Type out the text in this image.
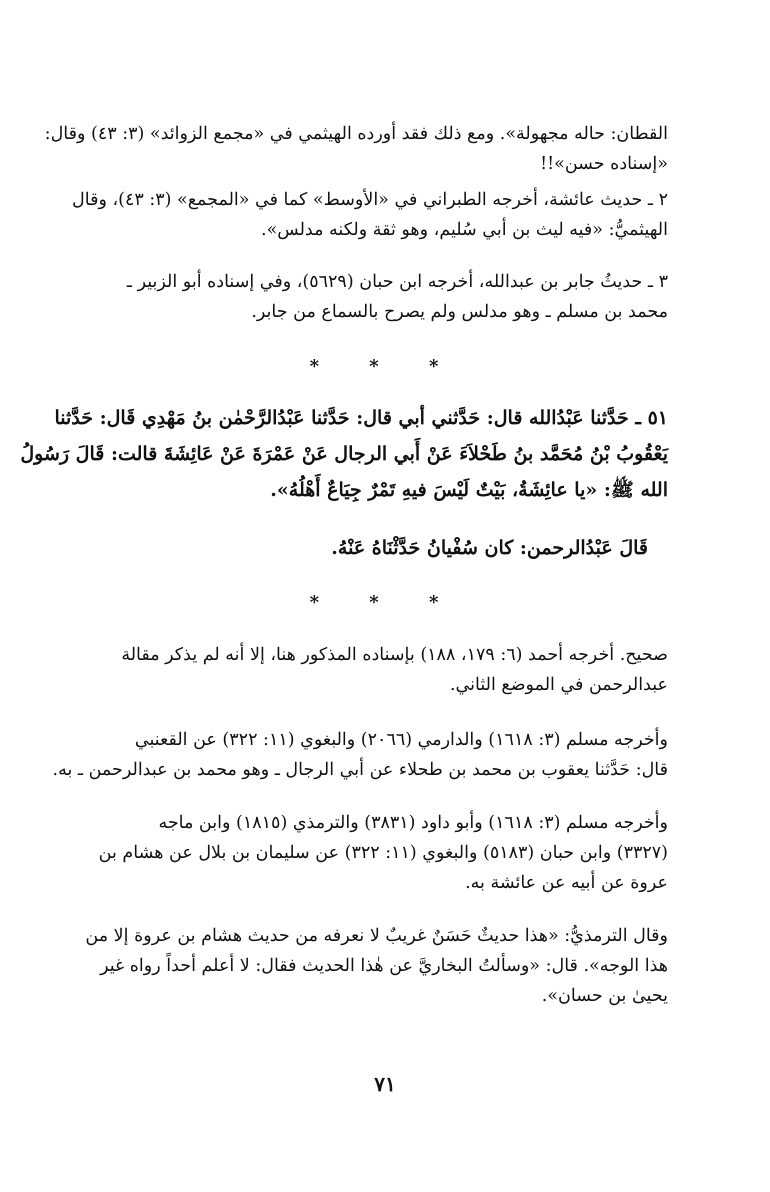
القطان: حاله مجهولة». ومع ذلك فقد أورده الهيثمي في «مجمع الزوائد» (٣: ٤٣) وقال:
«إسناده حسن»!!
٢ ـ حديث عائشة، أخرجه الطبراني في «الأوسط» كما في «المجمع» (٣: ٤٣)، وقال
الهيثميُّ: «فيه ليث بن أبي سُليم، وهو ثقة ولكنه مدلس».
٣ ـ حديثُ جابر بن عبدالله، أخرجه ابن حبان (٥٦٢٩)، وفي إسناده أبو الزبير ـ
محمد بن مسلم ـ وهو مدلس ولم يصرح بالسماع من جابر.
* * *
٥١ ـ حَدَّثنا عَبْدُالله قال: حَدَّثني أبي قال: حَدَّثنا عَبْدُالرَّحْمٰن بنُ مَهْدِي قَال: حَدَّثنا
يَعْقُوبُ بْنُ مُحَمَّد بنُ طَحْلاَءَ عَنْ أَبي الرجال عَنْ عَمْرَةَ عَنْ عَائِشَةَ قالت: قَالَ رَسُولُ
الله ﷺ: «يا عائِشَةُ، بَيْتٌ لَيْسَ فيهِ تَمْرٌ جِيَاعٌ أَهْلُهُ».
قَالَ عَبْدُالرحمن: كان سُفْيانُ حَدَّثْنَاهُ عَنْهُ.
* * *
صحيح. أخرجه أحمد (٦: ١٧٩، ١٨٨) بإسناده المذكور هنا، إلا أنه لم يذكر مقالة
عبدالرحمن في الموضع الثاني.
وأخرجه مسلم (٣: ١٦١٨) والدارمي (٢٠٦٦) والبغوي (١١: ٣٢٢) عن القعنبي
قال: حَدَّثنا يعقوب بن محمد بن طحلاء عن أبي الرجال ـ وهو محمد بن عبدالرحمن ـ به.
وأخرجه مسلم (٣: ١٦١٨) وأبو داود (٣٨٣١) والترمذي (١٨١٥) وابن ماجه
(٣٣٢٧) وابن حبان (٥١٨٣) والبغوي (١١: ٣٢٢) عن سليمان بن بلال عن هشام بن
عروة عن أبيه عن عائشة به.
وقال الترمذيُّ: «هذا حديثٌ حَسَنٌ غريبٌ لا نعرفه من حديث هشام بن عروة إلا من
هذا الوجه». قال: «وسألتُ البخاريَّ عن هٰذا الحديث فقال: لا أعلم أحداً رواه غير
يحيىٰ بن حسان».
٧١
